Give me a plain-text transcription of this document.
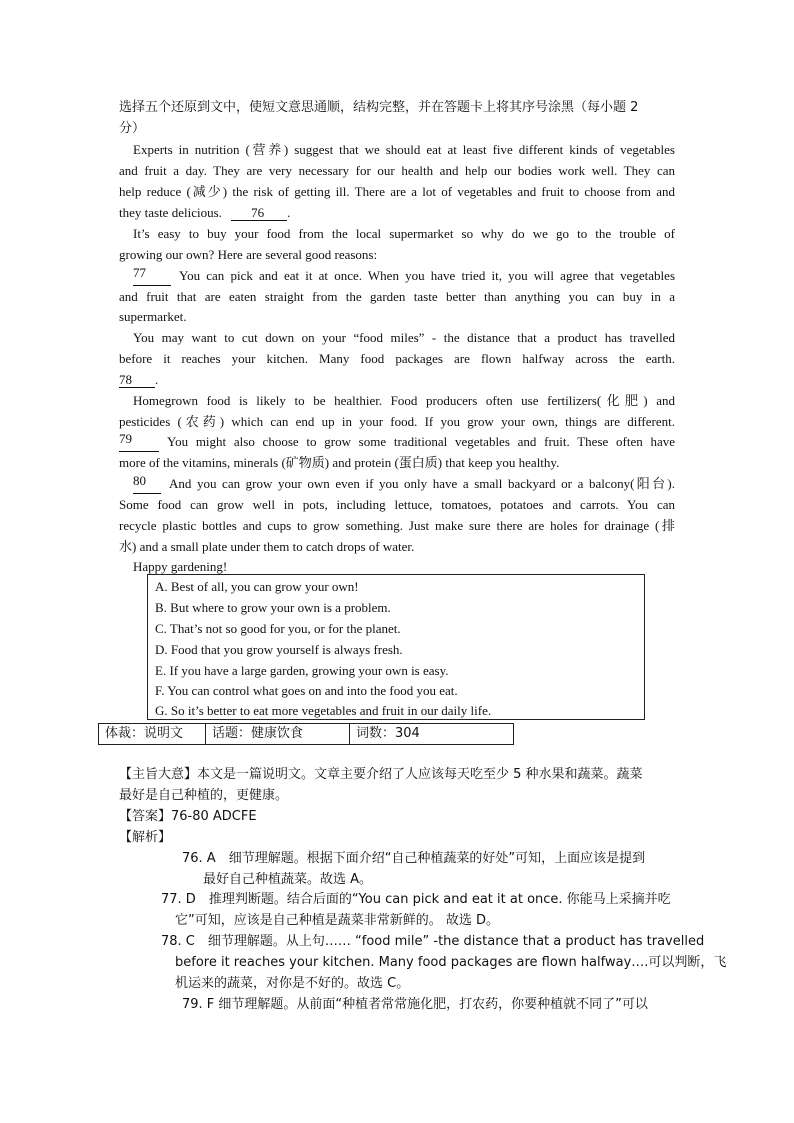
选择五个还原到文中，使短文意思通顺，结构完整，并在答题卡上将其序号涂黑（每小题 2
分）
Experts in nutrition (营养) suggest that we should eat at least five different kinds of vegetables
and fruit a day. They are very necessary for our health and help our bodies work well. They can
help reduce (减少) the risk of getting ill. There are a lot of vegetables and fruit to choose from and
they taste delicious. 76 .
It’s easy to buy your food from the local supermarket so why do we go to the trouble of
growing our own? Here are several good reasons:
77	You can pick and eat it at once. When you have tried it, you will agree that vegetables
and fruit that are eaten straight from the garden taste better than anything you can buy in a
supermarket.
You may want to cut down on your “food miles” - the distance that a product has travelled
before it reaches your kitchen. Many food packages are flown halfway across the earth.
78 .
Homegrown food is likely to be healthier. Food producers often use fertilizers(化肥) and
pesticides (农药) which can end up in your food. If you grow your own, things are different.
79	You might also choose to grow some traditional vegetables and fruit. These often have
more of the vitamins, minerals (矿物质) and protein (蛋白质) that keep you healthy.
80	And you can grow your own even if you only have a small backyard or a balcony(阳台).
Some food can grow well in pots, including lettuce, tomatoes, potatoes and carrots. You can
recycle plastic bottles and cups to grow something. Just make sure there are holes for drainage (排
水) and a small plate under them to catch drops of water.
Happy gardening!
A. Best of all, you can grow your own!
B. But where to grow your own is a problem.
C. That’s not so good for you, or for the planet.
D. Food that you grow yourself is always fresh.
E. If you have a large garden, growing your own is easy.
F. You can control what goes on and into the food you eat.
G. So it’s better to eat more vegetables and fruit in our daily life.
体裁：说明文	话题：健康饮食	词数：304
【主旨大意】本文是一篇说明文。文章主要介绍了人应该每天吃至少 5 种水果和蔬菜。蔬菜
最好是自己种植的，更健康。
【答案】76-80 ADCFE
【解析】
76. A　细节理解题。根据下面介绍“自己种植蔬菜的好处”可知，上面应该是提到
最好自己种植蔬菜。故选 A。
77. D　推理判断题。结合后面的“You can pick and eat it at once. 你能马上采摘并吃
它”可知，应该是自己种植是蔬菜非常新鲜的。 故选 D。
78. C　细节理解题。从上句…… “food mile” -the distance that a product has travelled
before it reaches your kitchen. Many food packages are flown halfway….可以判断，飞
机运来的蔬菜，对你是不好的。故选 C。
79. F 细节理解题。从前面“种植者常常施化肥，打农药，你要种植就不同了”可以
